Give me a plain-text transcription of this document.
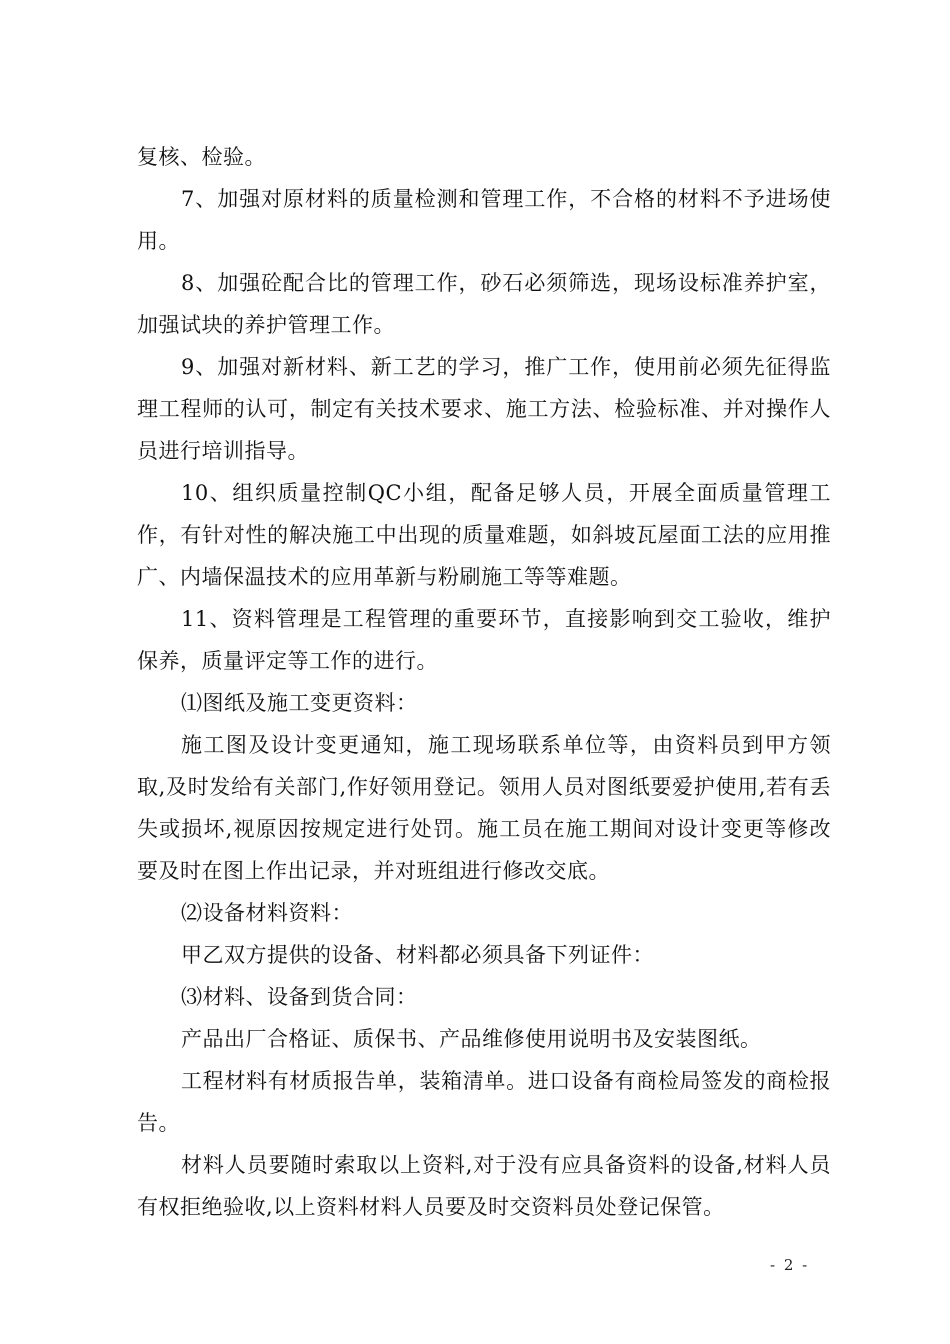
复核、检验。

7、加强对原材料的质量检测和管理工作，不合格的材料不予进场使用。

8、加强砼配合比的管理工作，砂石必须筛选，现场设标准养护室，加强试块的养护管理工作。

9、加强对新材料、新工艺的学习，推广工作，使用前必须先征得监理工程师的认可，制定有关技术要求、施工方法、检验标准、并对操作人员进行培训指导。

10、组织质量控制QC小组，配备足够人员，开展全面质量管理工作，有针对性的解决施工中出现的质量难题，如斜坡瓦屋面工法的应用推广、内墙保温技术的应用革新与粉刷施工等等难题。

11、资料管理是工程管理的重要环节，直接影响到交工验收，维护保养，质量评定等工作的进行。

⑴图纸及施工变更资料：

施工图及设计变更通知，施工现场联系单位等，由资料员到甲方领取,及时发给有关部门,作好领用登记。领用人员对图纸要爱护使用,若有丢失或损坏,视原因按规定进行处罚。施工员在施工期间对设计变更等修改要及时在图上作出记录，并对班组进行修改交底。

⑵设备材料资料：

甲乙双方提供的设备、材料都必须具备下列证件：

⑶材料、设备到货合同：

产品出厂合格证、质保书、产品维修使用说明书及安装图纸。

工程材料有材质报告单，装箱清单。进口设备有商检局签发的商检报告。

材料人员要随时索取以上资料,对于没有应具备资料的设备,材料人员有权拒绝验收,以上资料材料人员要及时交资料员处登记保管。

- 2 -
